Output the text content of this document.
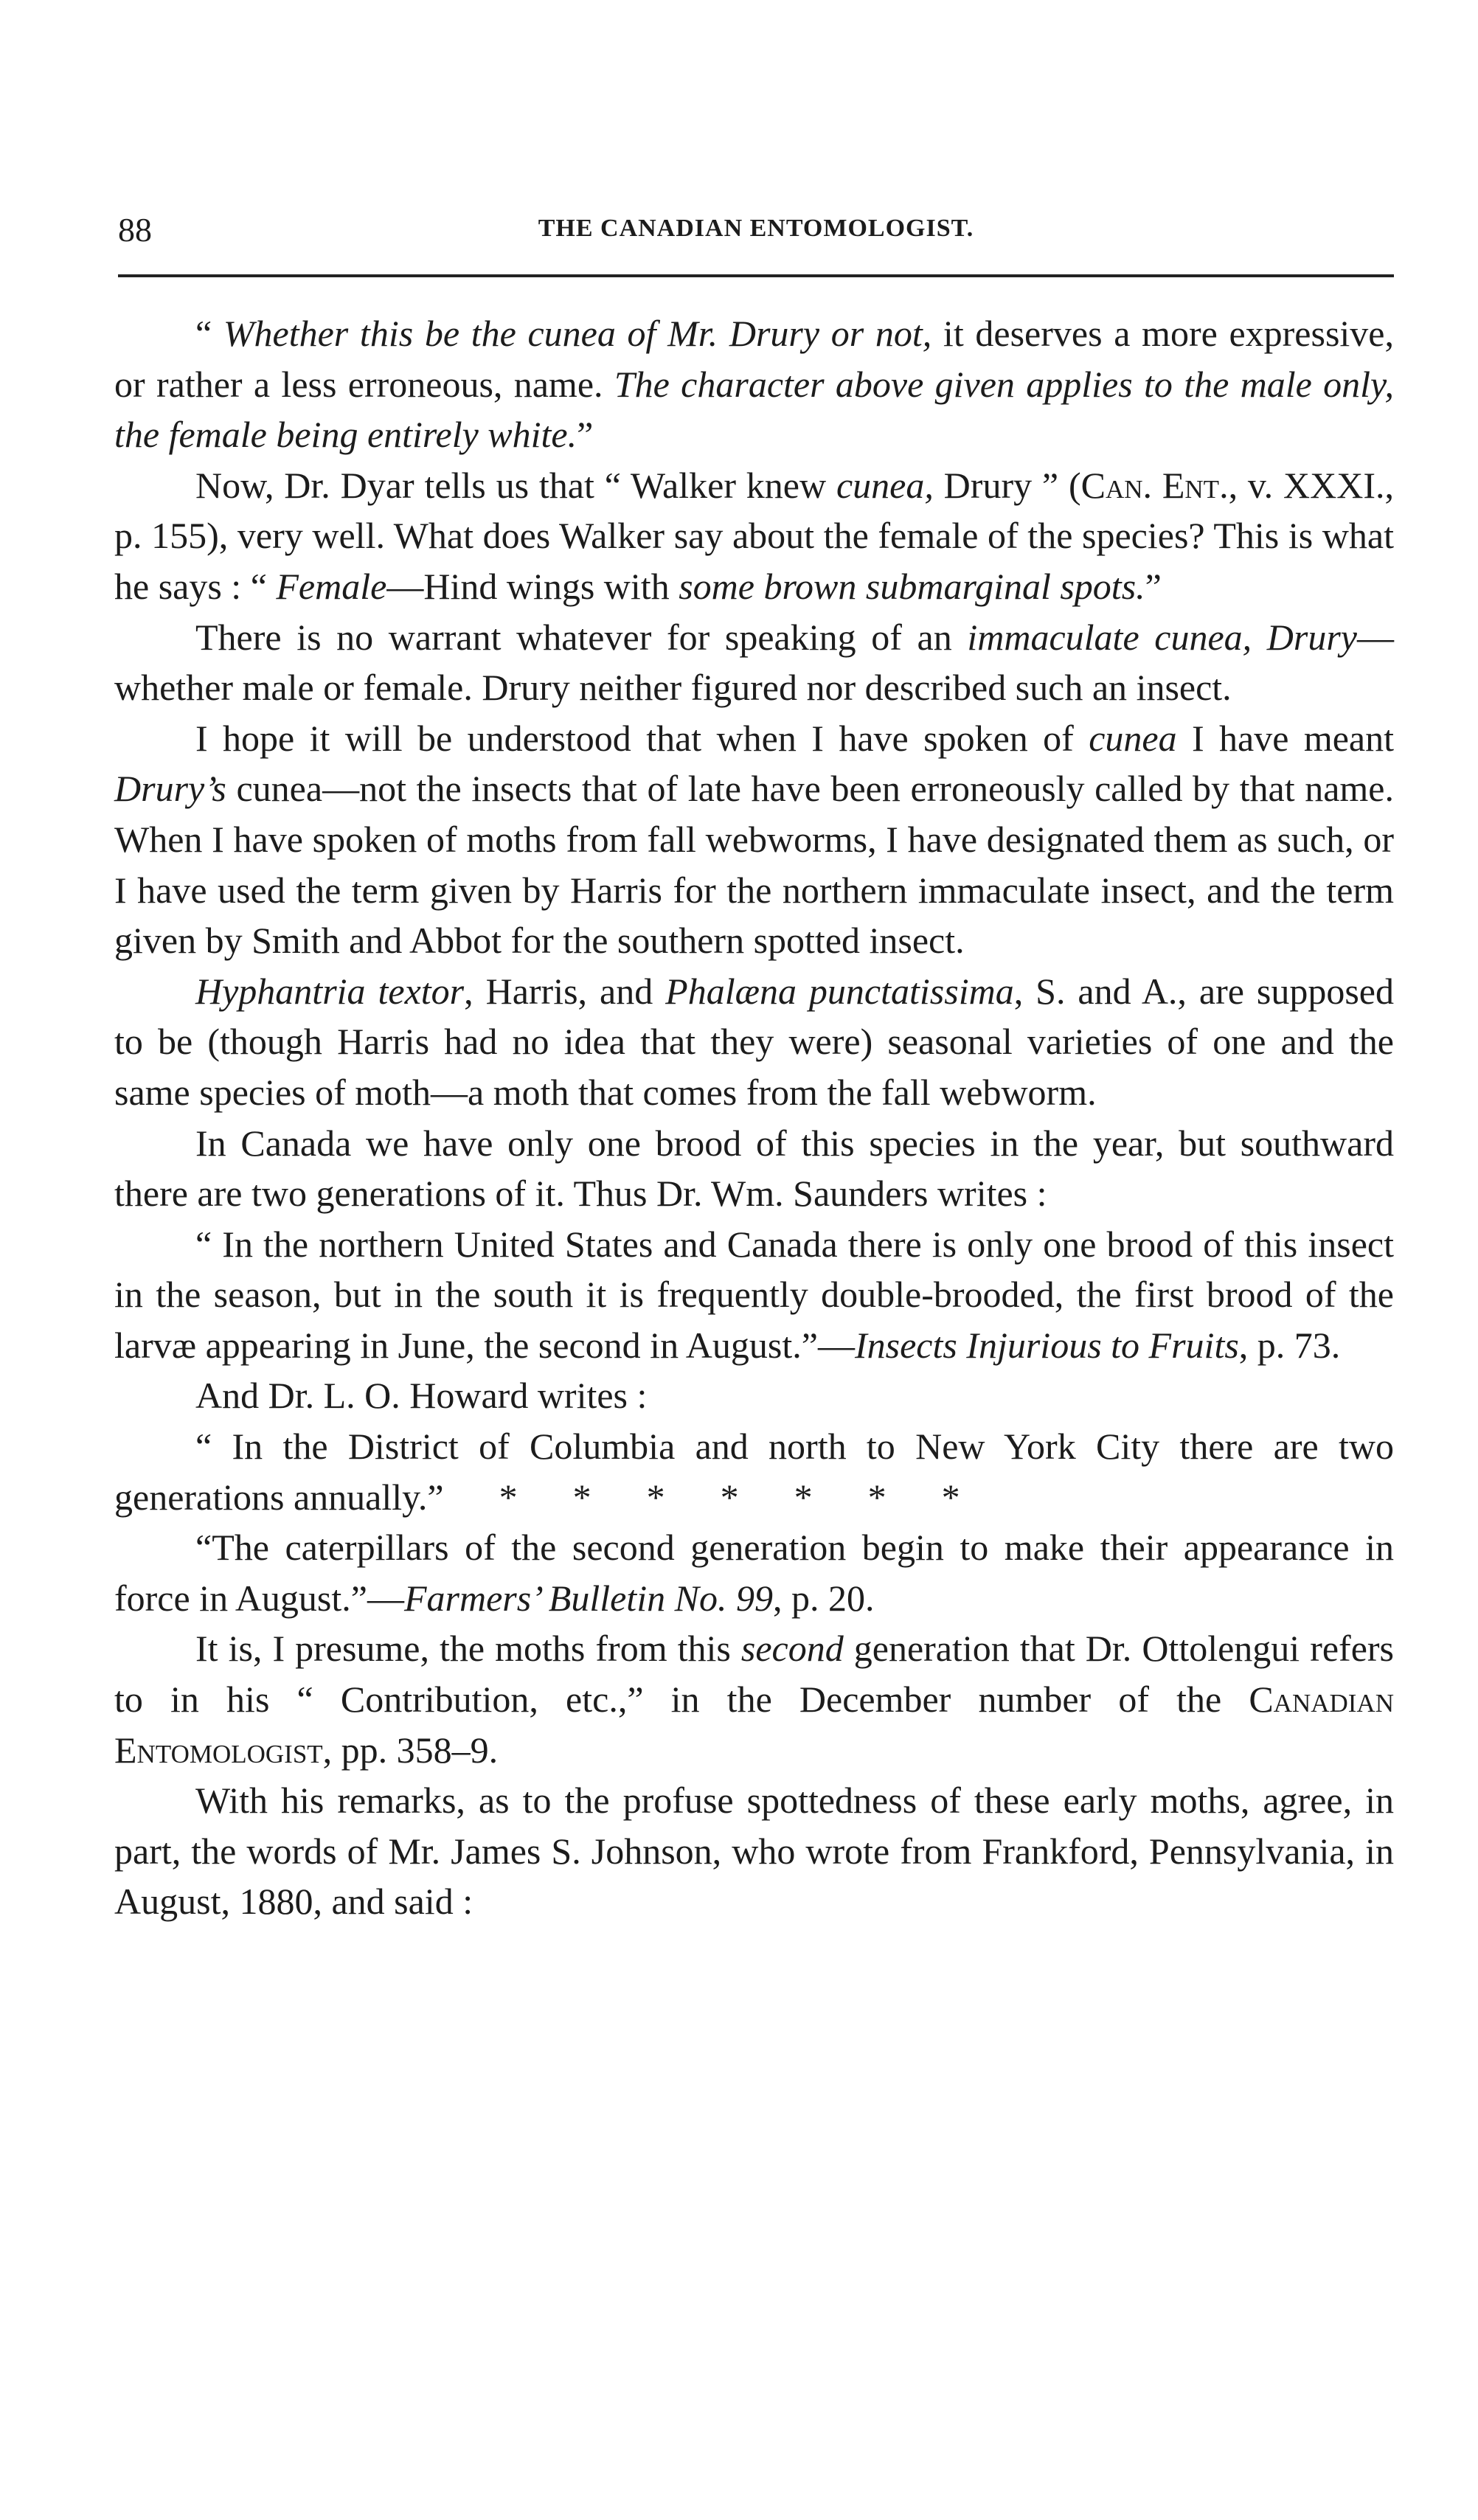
88	THE CANADIAN ENTOMOLOGIST.

“ Whether this be the cunea of Mr. Drury or not, it deserves a more expressive, or rather a less erroneous, name. The character above given applies to the male only, the female being entirely white.”

Now, Dr. Dyar tells us that “ Walker knew cunea, Drury ” (Can. Ent., v. XXXI., p. 155), very well. What does Walker say about the female of the species? This is what he says : “ Female—Hind wings with some brown submarginal spots.”

There is no warrant whatever for speaking of an immaculate cunea, Drury—whether male or female. Drury neither figured nor described such an insect.

I hope it will be understood that when I have spoken of cunea I have meant Drury’s cunea—not the insects that of late have been erroneously called by that name. When I have spoken of moths from fall webworms, I have designated them as such, or I have used the term given by Harris for the northern immaculate insect, and the term given by Smith and Abbot for the southern spotted insect.

Hyphantria textor, Harris, and Phalæna punctatissima, S. and A., are supposed to be (though Harris had no idea that they were) seasonal varieties of one and the same species of moth—a moth that comes from the fall webworm.

In Canada we have only one brood of this species in the year, but southward there are two generations of it. Thus Dr. Wm. Saunders writes :

“ In the northern United States and Canada there is only one brood of this insect in the season, but in the south it is frequently double-brooded, the first brood of the larvæ appearing in June, the second in August.”—Insects Injurious to Fruits, p. 73.

And Dr. L. O. Howard writes :

“ In the District of Columbia and north to New York City there are two generations annually.”      *      *      *      *      *      *      *

“The caterpillars of the second generation begin to make their appearance in force in August.”—Farmers’ Bulletin No. 99, p. 20.

It is, I presume, the moths from this second generation that Dr. Ottolengui refers to in his “ Contribution, etc.,” in the December number of the Canadian Entomologist, pp. 358–9.

With his remarks, as to the profuse spottedness of these early moths, agree, in part, the words of Mr. James S. Johnson, who wrote from Frankford, Pennsylvania, in August, 1880, and said :
